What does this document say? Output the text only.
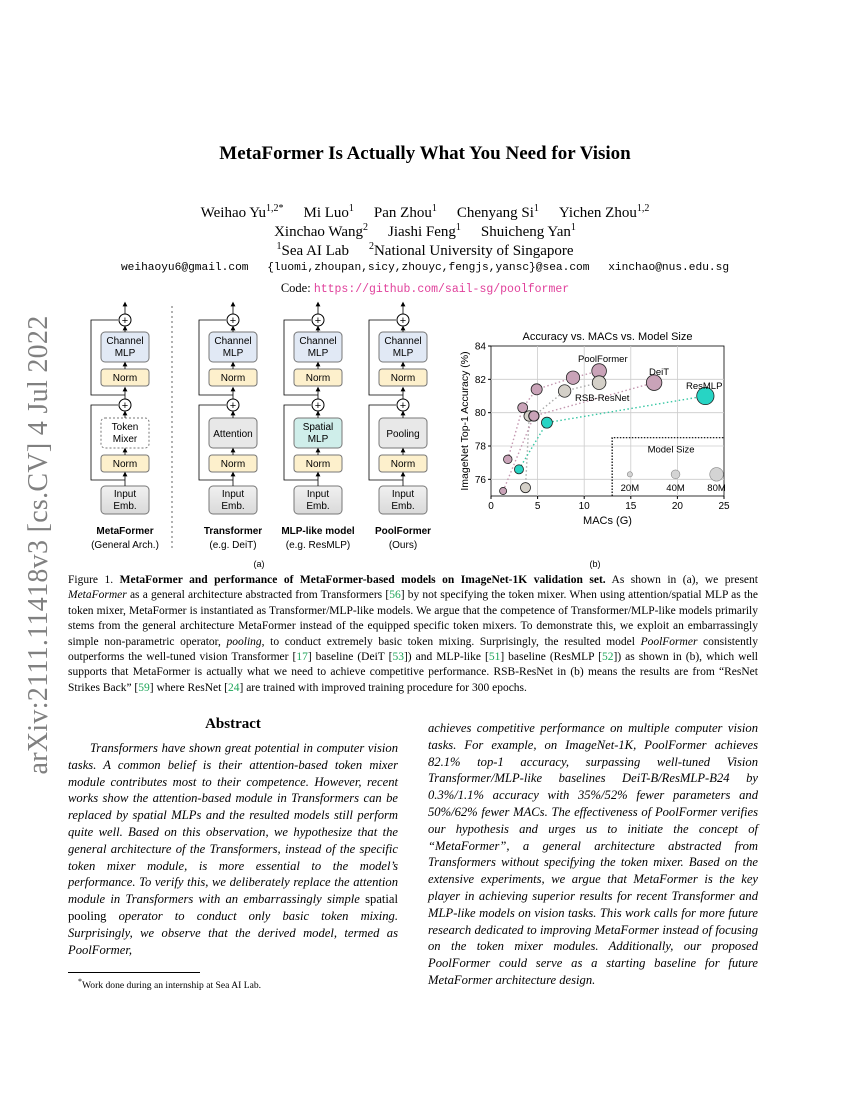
arXiv:2111.11418v3 [cs.CV] 4 Jul 2022
MetaFormer Is Actually What You Need for Vision
Weihao $Yu^{1,2*}$ Mi Luo$^1$ Pan Zhou$^1$ Chenyang Si$^1$ Yichen Zhou$^{1,2}$
Xinchao Wang$^2$ Jiashi Feng$^1$ Shuicheng Yan$^1$
$^1$Sea AI Lab $^2$National University of Singapore
weihaoyu6@gmail.com {luomi,zhoupan,sicy,zhouyc,fengjs,yansc}@sea.com xinchao@nus.edu.sg
Code: https://github.com/sail-sg/poolformer
Input
Emb.
Norm
Token
Mixer
+
Norm
Channel
MLP
+
MetaFormer
(General Arch.)
Input
Emb.
Norm
Attention
+
Norm
Channel
MLP
+
Transformer
(e.g. DeiT)
Input
Emb.
Norm
Spatial
MLP
+
Norm
Channel
MLP
+
MLP-like model
(e.g. ResMLP)
Input
Emb.
Norm
Pooling
+
Norm
Channel
MLP
+
PoolFormer
(Ours)
(a)
Accuracy vs. MACs vs. Model Size
0	5	10	15	20	25
76
78
80
82
84
MACs (G)
ImageNet Top-1 Accuracy (%)	PoolFormer
RSB-ResNet
DeiT
ResMLP
Model Size
20M	40M 80M
(b)
Figure 1. MetaFormer and performance of MetaFormer-based models on ImageNet-1K validation set. As shown in (a), we present MetaFormer as a general architecture abstracted from Transformers [56] by not specifying the token mixer. When using attention/spatial MLP as the token mixer, MetaFormer is instantiated as Transformer/MLP-like models. We argue that the competence of Transformer/MLP-like models primarily stems from the general architecture MetaFormer instead of the equipped specific token mixers. To demonstrate this, we exploit an embarrassingly simple non-parametric operator, pooling, to conduct extremely basic token mixing. Surprisingly, the resulted model PoolFormer consistently outperforms the well-tuned vision Transformer [17] baseline (DeiT [53]) and MLP-like [51] baseline (ResMLP [52]) as shown in (b), which well supports that MetaFormer is actually what we need to achieve competitive performance. RSB-ResNet in (b) means the results are from “ResNet Strikes Back” [59] where ResNet [24] are trained with improved training procedure for 300 epochs.
Abstract
Transformers have shown great potential in computer vision tasks. A common belief is their attention-based token mixer module contributes most to their competence. However, recent works show the attention-based module in Transformers can be replaced by spatial MLPs and the resulted models still perform quite well. Based on this observation, we hypothesize that the general architecture of the Transformers, instead of the specific token mixer module, is more essential to the model’s performance. To verify this, we deliberately replace the attention module in Transformers with an embarrassingly simple spatial pooling operator to conduct only basic token mixing. Surprisingly, we observe that the derived model, termed as PoolFormer,
achieves competitive performance on multiple computer vision tasks. For example, on ImageNet-1K, PoolFormer achieves 82.1% top-1 accuracy, surpassing well-tuned Vision Transformer/MLP-like baselines DeiT-B/ResMLP-B24 by 0.3%/1.1% accuracy with 35%/52% fewer parameters and 50%/62% fewer MACs. The effectiveness of PoolFormer verifies our hypothesis and urges us to initiate the concept of “MetaFormer”, a general architecture abstracted from Transformers without specifying the token mixer. Based on the extensive experiments, we argue that MetaFormer is the key player in achieving superior results for recent Transformer and MLP-like models on vision tasks. This work calls for more future research dedicated to improving MetaFormer instead of focusing on the token mixer modules. Additionally, our proposed PoolFormer could serve as a starting baseline for future MetaFormer architecture design.
*Work done during an internship at Sea AI Lab.
